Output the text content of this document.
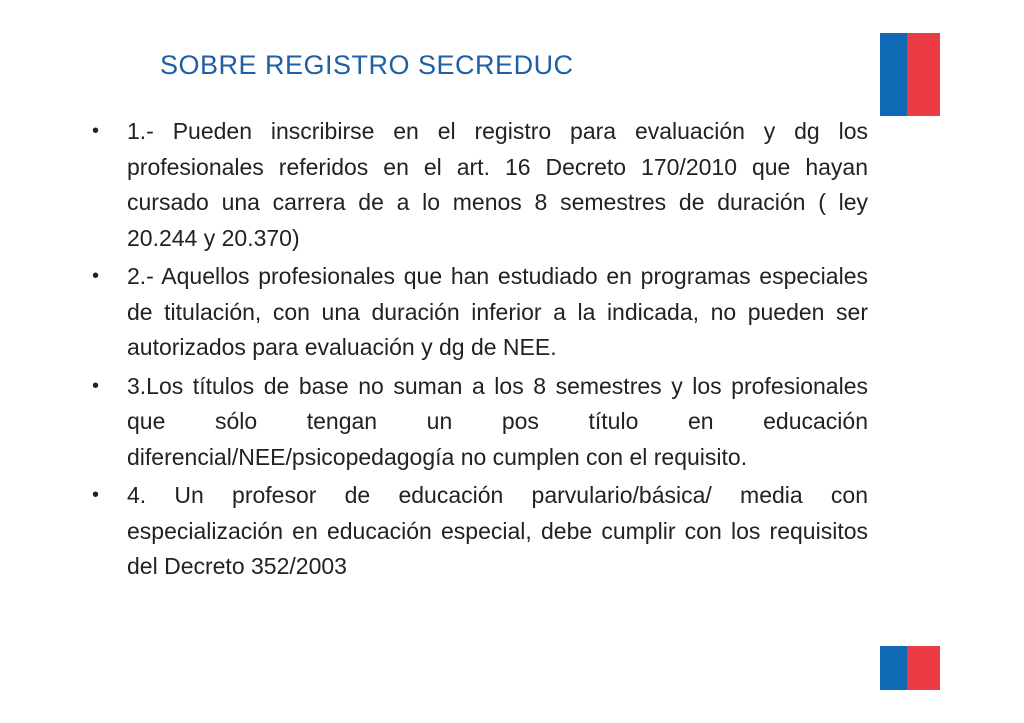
SOBRE REGISTRO SECREDUC
• 1.- Pueden inscribirse en el registro para evaluación y dg los profesionales referidos en el art. 16 Decreto 170/2010 que hayan cursado una carrera de a lo menos 8 semestres de duración ( ley 20.244 y 20.370)
• 2.- Aquellos profesionales que han estudiado en programas especiales de titulación, con una duración inferior a la indicada, no pueden ser autorizados para evaluación y dg de NEE.
• 3.Los títulos de base no suman a los 8 semestres y los profesionales que sólo tengan un pos título en educación diferencial/NEE/psicopedagogía no cumplen con el requisito.
• 4. Un profesor de educación parvulario/básica/ media con especialización en educación especial, debe cumplir con los requisitos del Decreto 352/2003
